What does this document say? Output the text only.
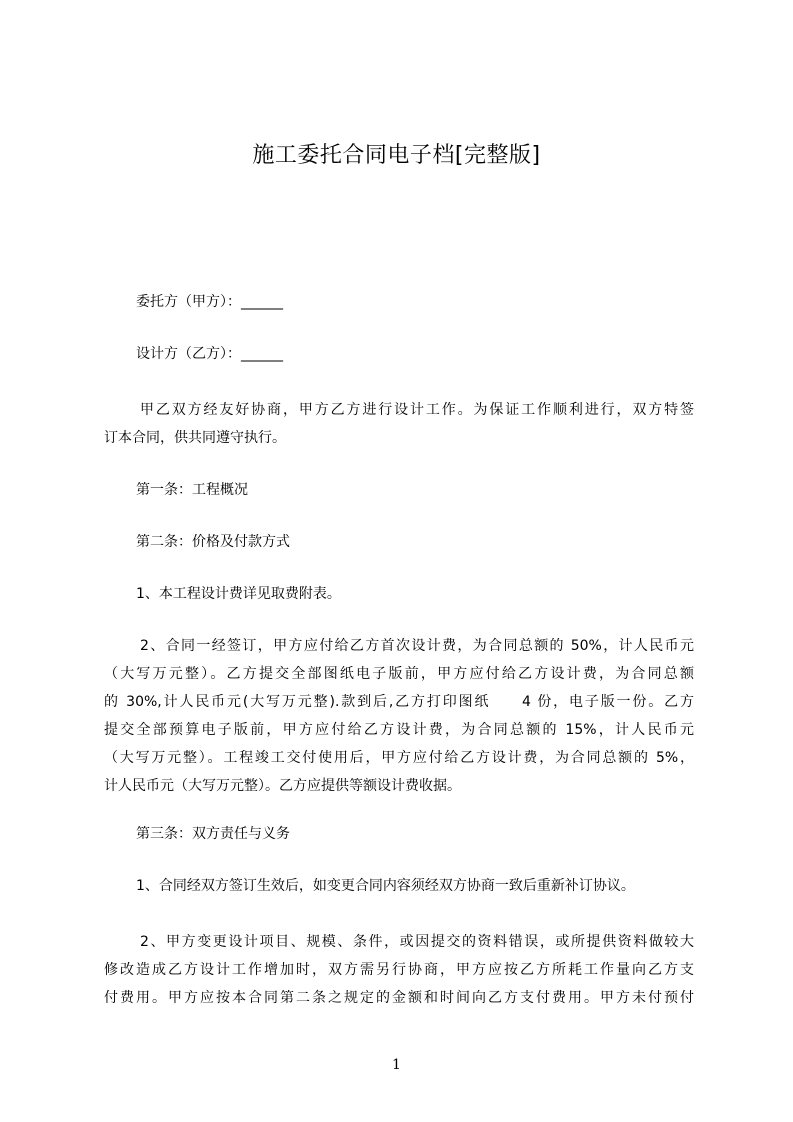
施工委托合同电子档[完整版]
委托方（甲方）：______
设计方（乙方）：______
甲乙双方经友好协商，甲方乙方进行设计工作。为保证工作顺利进行，双方特签
订本合同，供共同遵守执行。
第一条：工程概况
第二条：价格及付款方式
1、本工程设计费详见取费附表。
2、合同一经签订，甲方应付给乙方首次设计费，为合同总额的 50%，计人民币元
（大写万元整）。乙方提交全部图纸电子版前，甲方应付给乙方设计费，为合同总额
的 30%,计人民币元(大写万元整).款到后,乙方打印图纸　　4 份，电子版一份。乙方
提交全部预算电子版前，甲方应付给乙方设计费，为合同总额的 15%，计人民币元
（大写万元整）。工程竣工交付使用后，甲方应付给乙方设计费，为合同总额的 5%，
计人民币元（大写万元整）。乙方应提供等额设计费收据。
第三条：双方责任与义务
1、合同经双方签订生效后，如变更合同内容须经双方协商一致后重新补订协议。
2、甲方变更设计项目、规模、条件，或因提交的资料错误，或所提供资料做较大
修改造成乙方设计工作增加时，双方需另行协商，甲方应按乙方所耗工作量向乙方支
付费用。甲方应按本合同第二条之规定的金额和时间向乙方支付费用。甲方未付预付
1
